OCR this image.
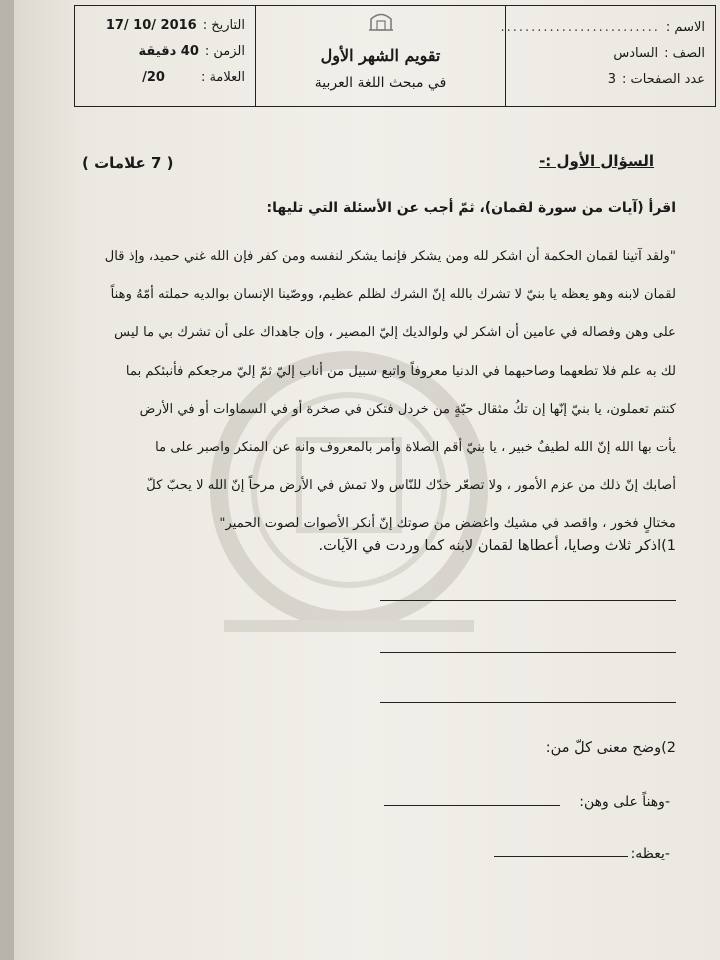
الاسم :
..........................
الصف :
السادس
عدد الصفحات :
3
تقويم الشهر الأول
في مبحث اللغة العربية
التاريخ :
17/ 10/ 2016
الزمن :
40 دقيقة
العلامة :
/20
السؤال الأول :-
( 7 علامات )
اقرأ (آيات من سورة لقمان)، ثمّ أجب عن الأسئلة التي تليها:
"ولقد آتينا لقمان الحكمة أن اشكر لله ومن يشكر فإنما يشكر لنفسه ومن كفر فإن الله غني حميد، وإذ قال
لقمان لابنه وهو يعظه يا بنيّ لا تشرك بالله إنّ الشرك لظلم عظيم، ووصّينا الإنسان بوالديه حملته أمّهُ وهناً
على وهن وفصاله في عامين أن اشكر لي ولوالديك إليّ المصير ، وإن جاهداك على أن تشرك بي ما ليس
لك به علم فلا تطعهما وصاحبهما في الدنيا معروفاً واتبع سبيل من أناب إليّ ثمّ إليّ مرجعكم فأنبئكم بما
كنتم تعملون، يا بنيّ إنّها إن تكُ مثقال حبّةٍ من خردل فتكن في صخرة أو في السماوات أو في الأرض
يأت بها الله إنّ الله لطيفٌ خبير ، يا بنيّ أقم الصلاة وأمر بالمعروف وانه عن المنكر واصبر على ما
أصابك إنّ ذلك من عزم الأمور ، ولا تصعّر خدّك للنّاس ولا تمش في الأرض مرحاً إنّ الله لا يحبّ كلّ
مختالٍ فخور ، واقصد في مشيك واغضض من صوتك إنّ أنكر الأصوات لصوت الحمير"
1)اذكر ثلاث وصايا، أعطاها لقمان لابنه كما وردت في الآيات.
2)وضح معنى كلّ من:
-وهناً على وهن:
-يعظه:
